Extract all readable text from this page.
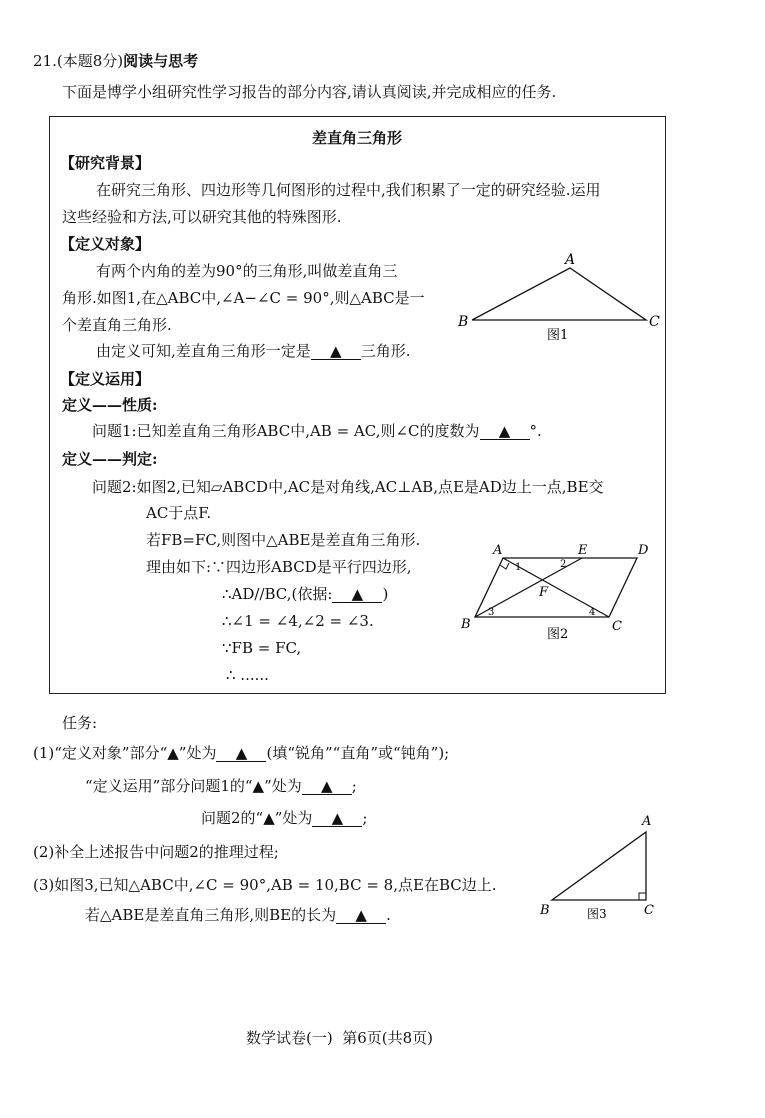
21.(本题8分)阅读与思考
下面是博学小组研究性学习报告的部分内容,请认真阅读,并完成相应的任务.
差直角三角形
【研究背景】
在研究三角形、四边形等几何图形的过程中,我们积累了一定的研究经验.运用
这些经验和方法,可以研究其他的特殊图形.
【定义对象】
有两个内角的差为90°的三角形,叫做差直角三
角形.如图1,在△ABC中,∠A−∠C = 90°,则△ABC是一
个差直角三角形.
由定义可知,差直角三角形一定是 ▲ 三角形.
【定义运用】
定义——性质:
问题1:已知差直角三角形ABC中,AB = AC,则∠C的度数为 ▲ °.
定义——判定:
问题2:如图2,已知▱ABCD中,AC是对角线,AC⊥AB,点E是AD边上一点,BE交
AC于点F.
若FB=FC,则图中△ABE是差直角三角形.
理由如下:∵四边形ABCD是平行四边形,
∴AD//BC,(依据: ▲ )
∴∠1 = ∠4,∠2 = ∠3.
∵FB = FC,
∴ ......
A
B	C
图1
A	E	D
F
B	C
1	2
3	4
图2
任务:
(1)“定义对象”部分“▲”处为 ▲ (填“锐角”“直角”或“钝角”);
“定义运用”部分问题1的“▲”处为 ▲ ;
问题2的“▲”处为 ▲ ;
(2)补全上述报告中问题2的推理过程;
(3)如图3,已知△ABC中,∠C = 90°,AB = 10,BC = 8,点E在BC边上.
若△ABE是差直角三角形,则BE的长为 ▲ .
A
B	C
图3
数学试卷(一)  第6页(共8页)
